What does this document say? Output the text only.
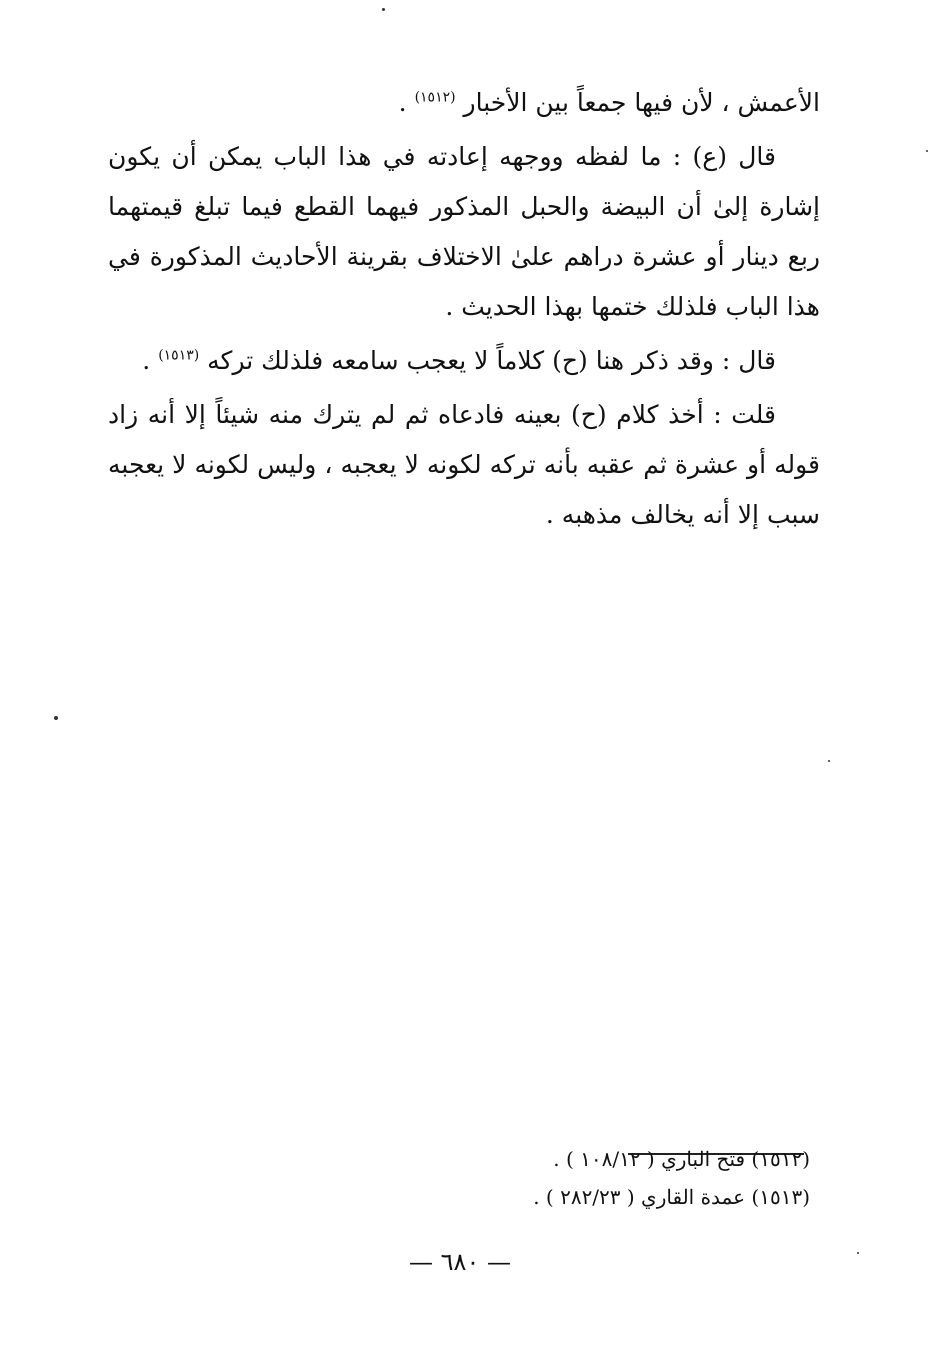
الأعمش ، لأن فيها جمعاً بين الأخبار $^{(١٥١٢)}$ .

قال (ع) : ما لفظه ووجهه إعادته في هذا الباب يمكن أن يكون إشارة إلىٰ أن البيضة والحبل المذكور فيهما القطع فيما تبلغ قيمتهما ربع دينار أو عشرة دراهم علىٰ الاختلاف بقرينة الأحاديث المذكورة في هذا الباب فلذلك ختمها بهذا الحديث .

قال : وقد ذكر هنا (ح) كلاماً لا يعجب سامعه فلذلك تركه $^{(١٥١٣)}$ .

قلت : أخذ كلام (ح) بعينه فادعاه ثم لم يترك منه شيئاً إلا أنه زاد قوله أو عشرة ثم عقبه بأنه تركه لكونه لا يعجبه ، وليس لكونه لا يعجبه سبب إلا أنه يخالف مذهبه .

(١٥١٢) فتح الباري ( ١٠٨/١٢ ) .

(١٥١٣) عمدة القاري ( ٢٨٢/٢٣ ) .

— ٦٨٠ —
